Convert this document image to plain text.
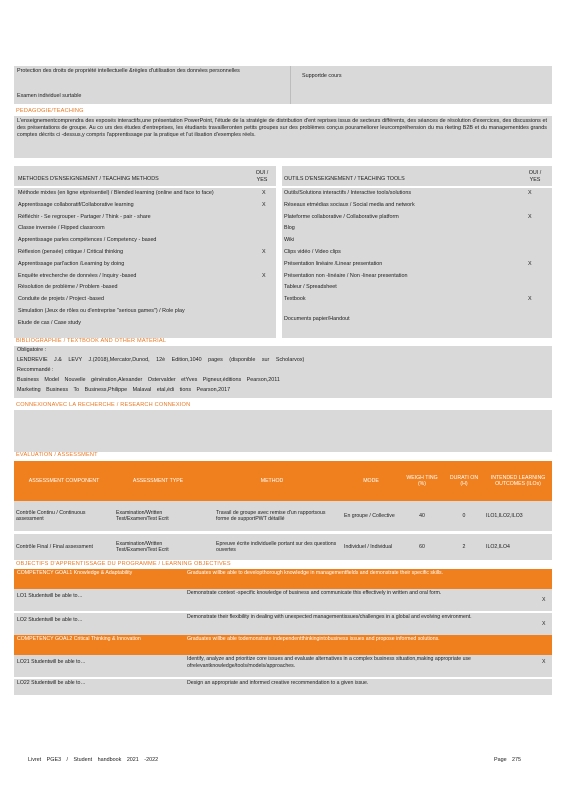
Protection des droits de propriété intellectuelle &règles d'utilisation des données personnelles
Examen individuel surtable
Supportde cours
PEDAGOGIE/TEACHING
L'enseignementcomprendra des exposés interactifs,une présentation PowerPoint, l'étude de la stratégie de distribution d'ent reprises issus de secteurs différents, des séances de résolution d'exercices, des discussions et des présentations de groupe. Au co urs des études d'entreprises, les étudiants travailleronten petits groupes sur des problèmes conçus pourameliorer leurcompréhension du ma rketing B2B et du managementdes grands comptes décrits ci -dessus,y compris l'apprentissage par la pratique et l'ut ilisation d'exemples réels.
METHODES D'ENSEIGNEMENT / TEACHING METHODS
OUI / YES	OUTILS D'ENSEIGNEMENT / TEACHING TOOLS
OUI / YES
Méthode mixtes (en ligne etprésentiel) / Blended learning (online and face to face)	X
Apprentissage collaboratif/Collaborative learning	X
Réfléchir - Se regrouper - Partager / Think - pair - share
Classe inversée / Flipped classroom
Apprentissage parles compétences / Competency - based
Réflexion (pensée) critique / Critical thinking	X
Apprentissage parl'action /Learning by doing
Enquête etrecherche de données / Inquiry -based	X
Résolution de problème / Problem -based
Conduite de projets / Project -based
Simulation (Jeux de rôles ou d'entreprise "serious games") / Role play
Etude de cas / Case study
Outils/Solutions interactifs / Interactive tools/solutions	X
Réseaux etmédias sociaux / Social media and network
Plateforme collaborative / Collaborative platform	X
Blog
Wiki
Clips vidéo / Video clips
Présentation linéaire /Linear presentation	X
Présentation non -linéaire / Non -linear presentation
Tableur / Spreadsheet
Textbook	X
Documents papier/Handout
BIBLIOGRAPHIE / TEXTBOOK AND OTHER MATERIAL
Obligatoire :
LENDREVIE J.& LEVY J.(2018),Mercator,Dunod, 12è Edition,1040 pages (disponible sur Scholarvox)
Recommandé :
Business Model Nouvelle génération,Alexander Ostervalder etYves Pigneur,éditions Pearson,2011
Marketing Business To Business,Philippe Malaval etal,édi tions Pearson,2017
CONNEXIONAVEC LA RECHERCHE / RESEARCH CONNEXION
EVALUATION / ASSESSMENT
ASSESSMENT COMPONENT	ASSESSMENT TYPE	METHOD	MODE	WEIGH TING (%)	DURATI ON (H)	INTENDED LEARNING OUTCOMES (ILOs)
Contrôle Continu / Continuous assessment	Examination/Written Test/Examen/Test Ecrit	Travail de groupe avec remise d'un rapportsous forme de supportPWT détaillé	En groupe / Collective	40	0	ILO1,ILO2,ILO3

Contrôle Final / Final assessment	Examination/Written Test/Examen/Test Ecrit	Epreuve écrite individuelle portant sur des questions ouvertes	Individuel / Individual	60	2	ILO2,ILO4
OBJECTIFS D'APPRENTISSAGE DU PROGRAMME / LEARNING OBJECTIVES
COMPETENCY GOAL1 Knowledge & Adaptability	Graduates willbe able to developthorough knowledge in managementfields and demonstrate their specific skills.	
LO1 Studentwill be able to…	Demonstrate context -specific knowledge of business and communicate this effectively in written and oral form.	X

LO2 Studentwill be able to…	Demonstrate their flexibility in dealing with unexpected managementissues/challenges in a global and evolving environment.	X
COMPETENCY GOAL2 Critical Thinking & Innovation	Graduates willbe able todemonstrate independentthinkingintobusiness issues and propose informed solutions.	
LO21 Studentwill be able to…	Identify, analyze and prioritize core issues and evaluate alternatives in a complex business situation,making appropriate use ofrelevantknowledge/tools/models/approaches.	X

LO22 Studentwill be able to…	Design an appropriate and informed creative recommendation to a given issue.	
Livret PGE3 / Student handbook 2021 -2022	Page 275
